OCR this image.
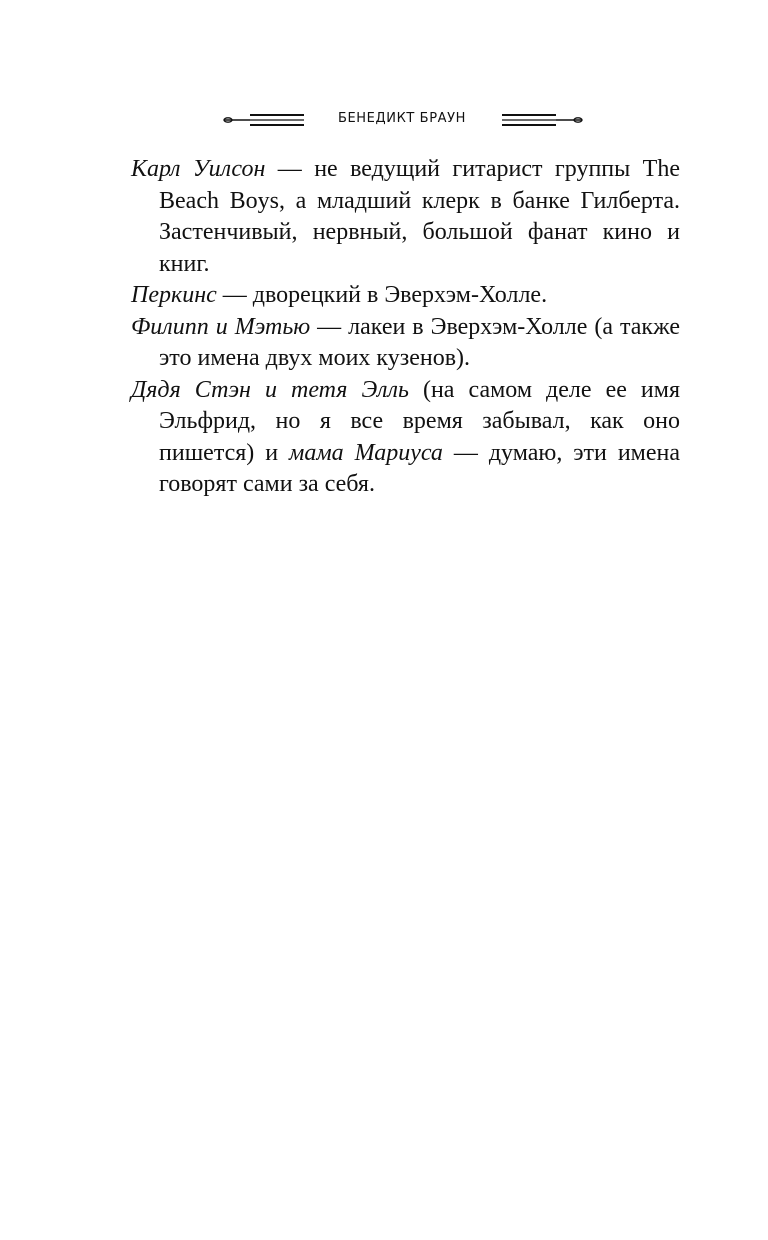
БЕНЕДИКТ БРАУН

Карл Уилсон — не ведущий гитарист группы The Beach Boys, а младший клерк в банке Гилберта. Застенчивый, нервный, большой фанат кино и книг.

Перкинс — дворецкий в Эверхэм-Холле.

Филипп и Мэтью — лакеи в Эверхэм-Холле (а также это имена двух моих кузенов).

Дядя Стэн и тетя Элль (на самом деле ее имя Эльфрид, но я все время забывал, как оно пишется) и мама Мариуса — думаю, эти имена говорят сами за себя.
